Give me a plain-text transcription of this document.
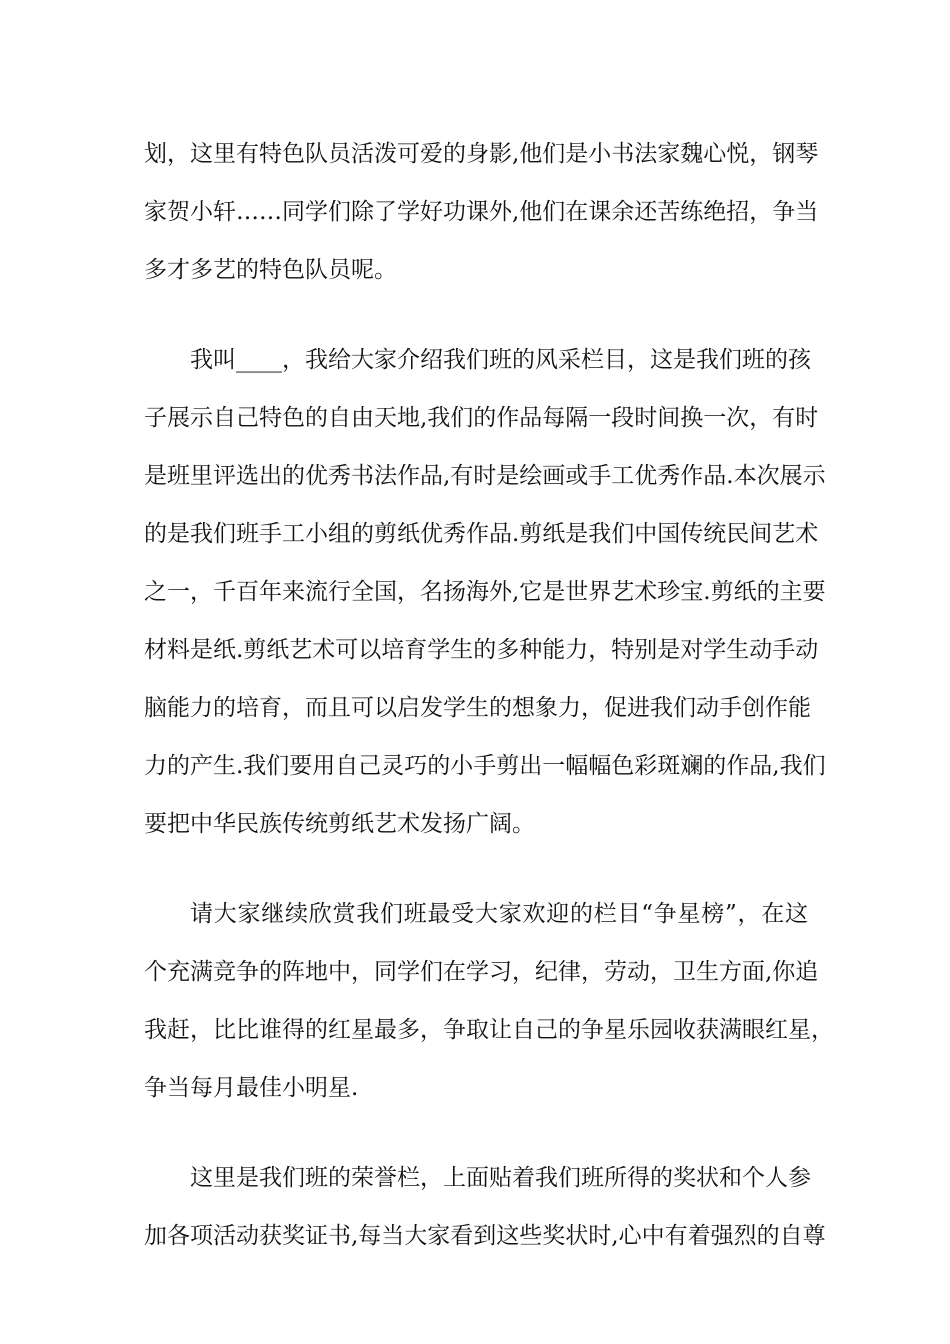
划，这里有特色队员活泼可爱的身影,他们是小书法家魏心悦，钢琴
家贺小轩……同学们除了学好功课外,他们在课余还苦练绝招，争当
多才多艺的特色队员呢。
我叫____，我给大家介绍我们班的风采栏目，这是我们班的孩
子展示自己特色的自由天地,我们的作品每隔一段时间换一次，有时
是班里评选出的优秀书法作品,有时是绘画或手工优秀作品.本次展示
的是我们班手工小组的剪纸优秀作品.剪纸是我们中国传统民间艺术
之一，千百年来流行全国，名扬海外,它是世界艺术珍宝.剪纸的主要
材料是纸.剪纸艺术可以培育学生的多种能力，特别是对学生动手动
脑能力的培育，而且可以启发学生的想象力，促进我们动手创作能
力的产生.我们要用自己灵巧的小手剪出一幅幅色彩斑斓的作品,我们
要把中华民族传统剪纸艺术发扬广阔。
请大家继续欣赏我们班最受大家欢迎的栏目“争星榜”，在这
个充满竞争的阵地中，同学们在学习，纪律，劳动，卫生方面,你追
我赶，比比谁得的红星最多，争取让自己的争星乐园收获满眼红星，
争当每月最佳小明星.
这里是我们班的荣誉栏，上面贴着我们班所得的奖状和个人参
加各项活动获奖证书,每当大家看到这些奖状时,心中有着强烈的自尊
